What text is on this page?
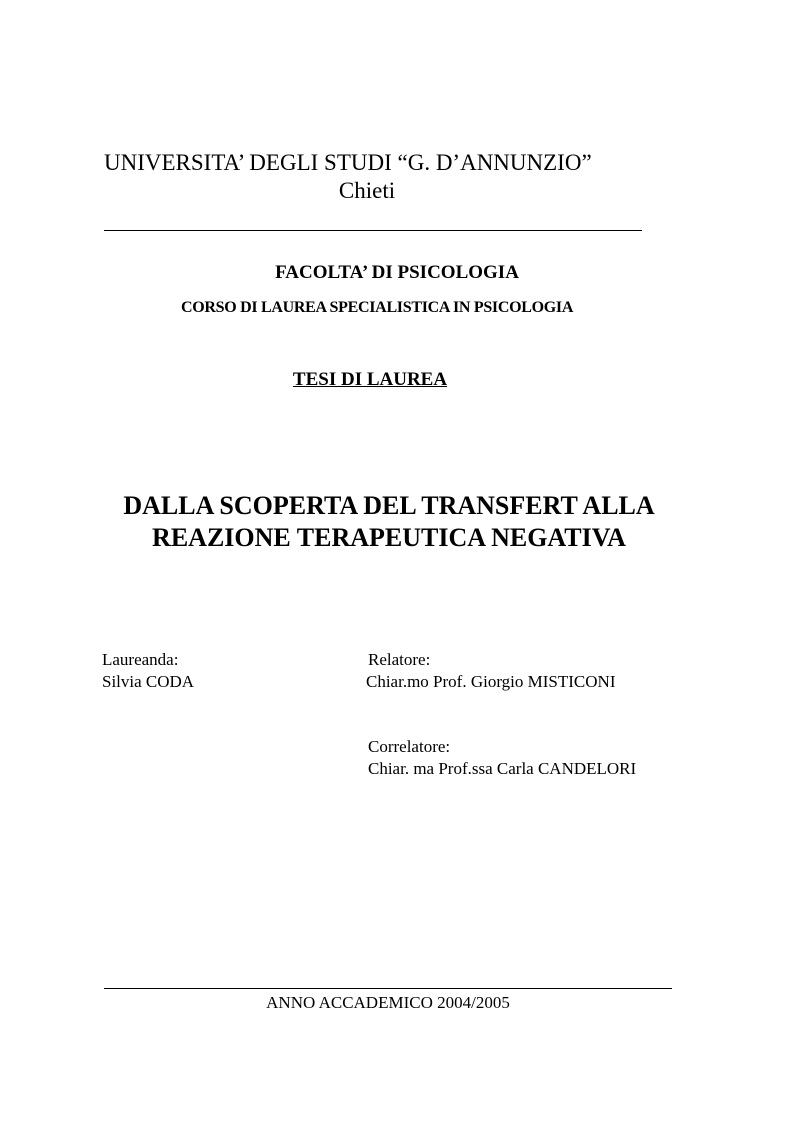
UNIVERSITA’ DEGLI STUDI “G. D’ANNUNZIO”
Chieti
FACOLTA’ DI PSICOLOGIA
CORSO DI LAUREA SPECIALISTICA IN PSICOLOGIA
TESI DI LAUREA
DALLA SCOPERTA DEL TRANSFERT ALLA
REAZIONE TERAPEUTICA NEGATIVA
Laureanda:
Silvia CODA
Relatore:
Chiar.mo Prof. Giorgio MISTICONI
Correlatore:
Chiar. ma Prof.ssa Carla CANDELORI
ANNO ACCADEMICO 2004/2005
